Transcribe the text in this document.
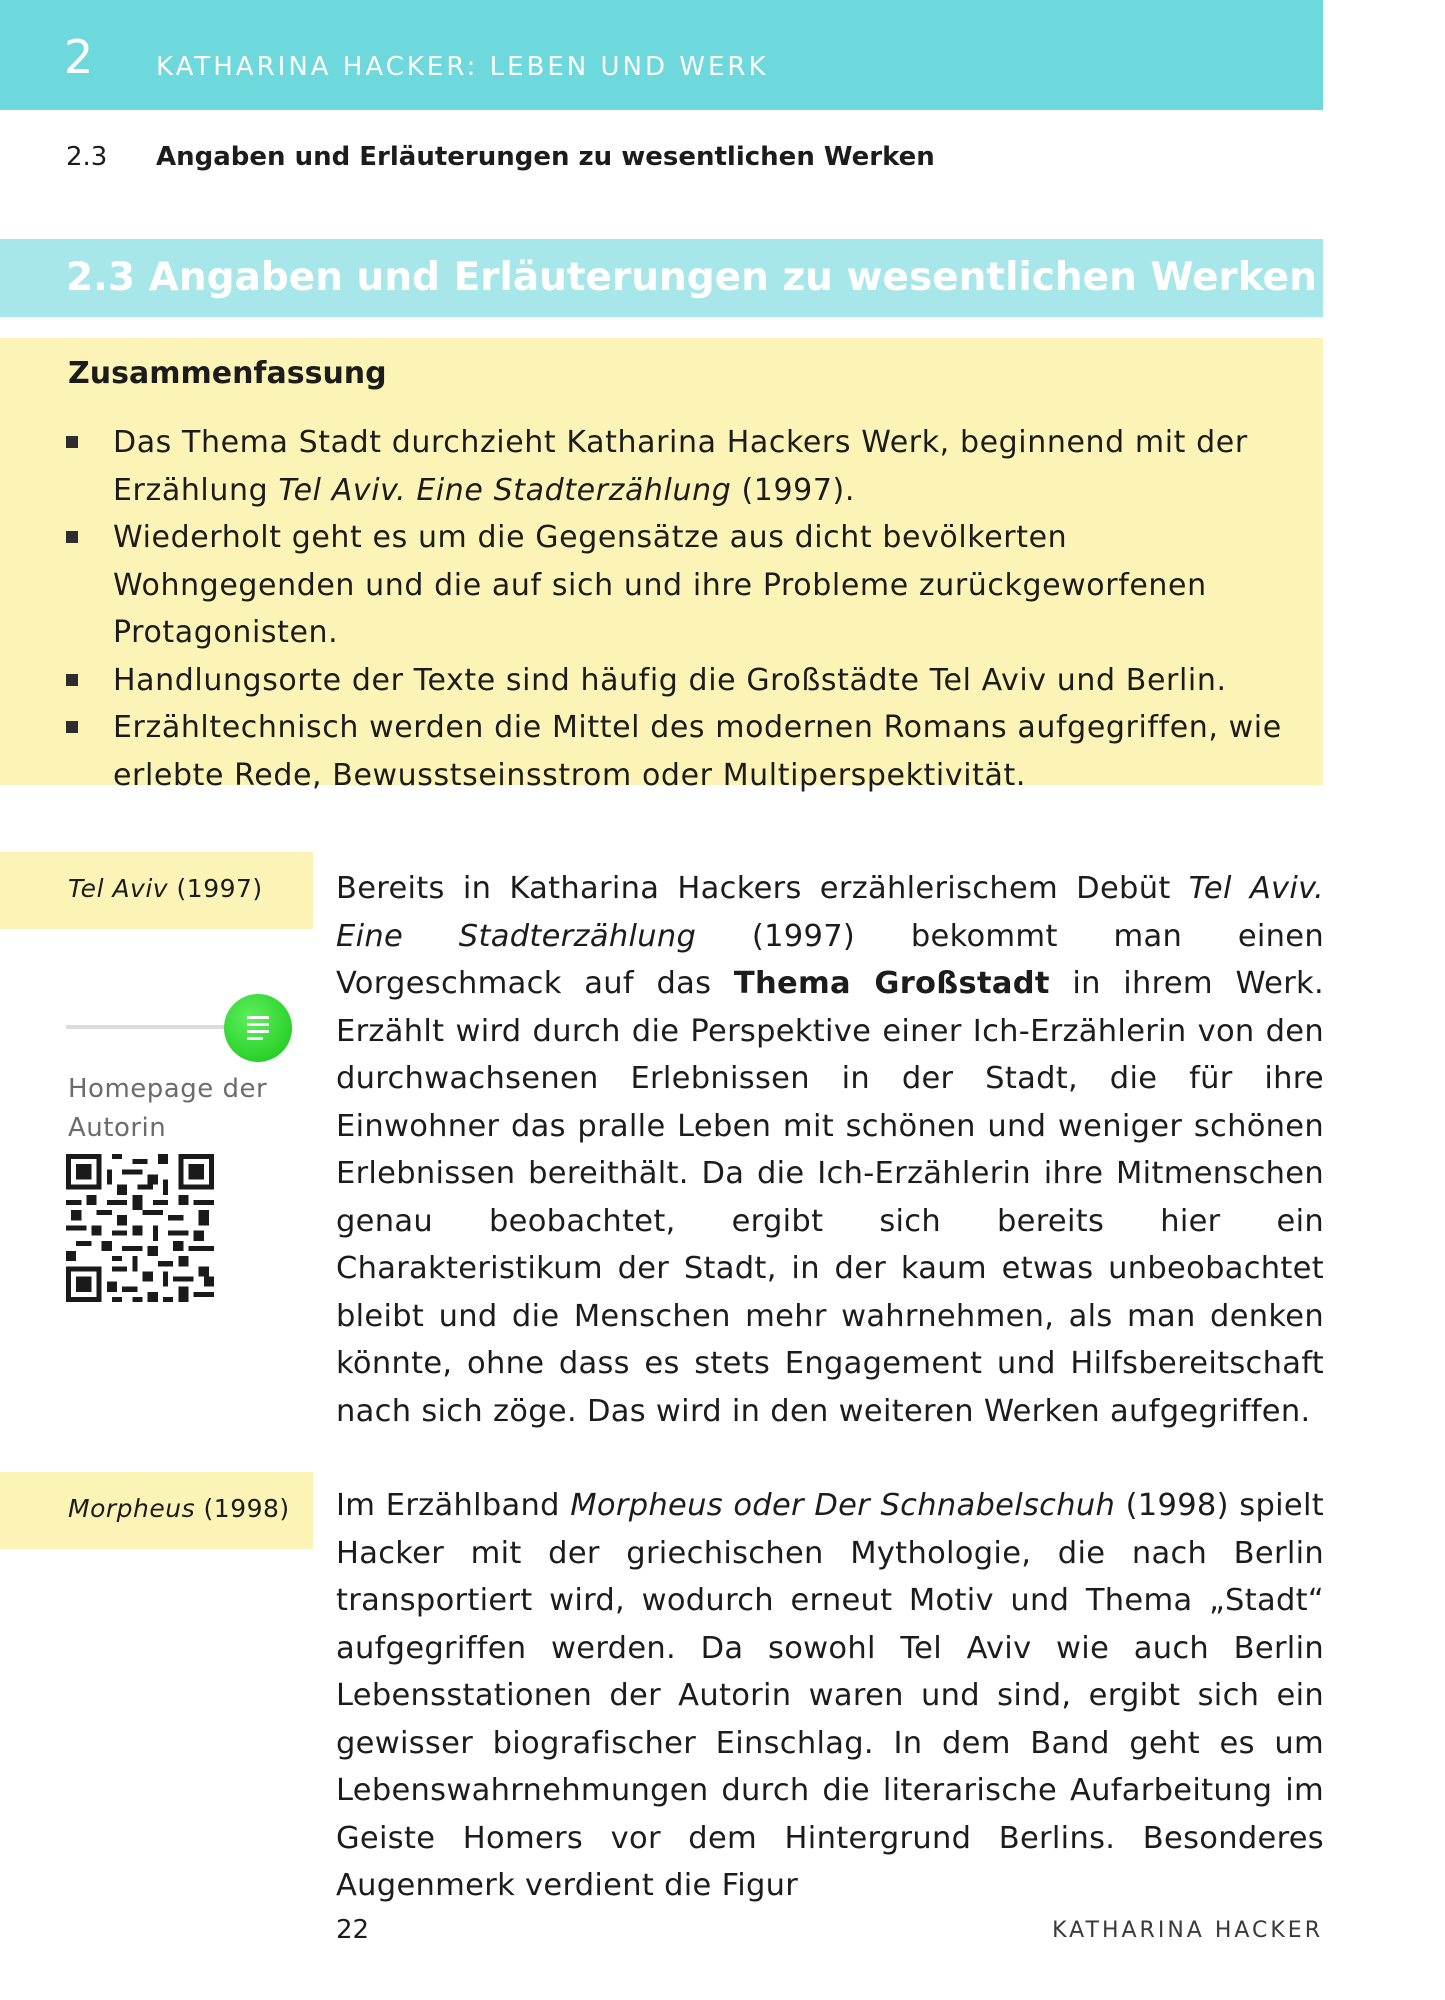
2 KATHARINA HACKER: LEBEN UND WERK
2.3 Angaben und Erläuterungen zu wesentlichen Werken
2.3 Angaben und Erläuterungen zu wesentlichen Werken
Zusammenfassung
Das Thema Stadt durchzieht Katharina Hackers Werk, beginnend mit der Erzählung Tel Aviv. Eine Stadterzählung (1997).
Wiederholt geht es um die Gegensätze aus dicht bevölkerten Wohngegenden und die auf sich und ihre Probleme zurückgeworfenen Protagonisten.
Handlungsorte der Texte sind häufig die Großstädte Tel Aviv und Berlin.
Erzähltechnisch werden die Mittel des modernen Romans aufgegriffen, wie erlebte Rede, Bewusstseinsstrom oder Multiperspektivität.
Tel Aviv (1997)
Homepage der Autorin

Bereits in Katharina Hackers erzählerischem Debüt Tel Aviv. Eine Stadterzählung (1997) bekommt man einen Vorgeschmack auf das Thema Großstadt in ihrem Werk. Erzählt wird durch die Perspektive einer Ich-Erzählerin von den durchwachsenen Erlebnissen in der Stadt, die für ihre Einwohner das pralle Leben mit schönen und weniger schönen Erlebnissen bereithält. Da die Ich-Erzählerin ihre Mitmenschen genau beobachtet, ergibt sich bereits hier ein Charakteristikum der Stadt, in der kaum etwas unbeobachtet bleibt und die Menschen mehr wahrnehmen, als man denken könnte, ohne dass es stets Engagement und Hilfsbereitschaft nach sich zöge. Das wird in den weiteren Werken aufgegriffen.

Morpheus (1998) Im Erzählband Morpheus oder Der Schnabelschuh (1998) spielt Hacker mit der griechischen Mythologie, die nach Berlin transportiert wird, wodurch erneut Motiv und Thema „Stadt“ aufgegriffen werden. Da sowohl Tel Aviv wie auch Berlin Lebensstationen der Autorin waren und sind, ergibt sich ein gewisser biografischer Einschlag. In dem Band geht es um Lebenswahrnehmungen durch die literarische Aufarbeitung im Geiste Homers vor dem Hintergrund Berlins. Besonderes Augenmerk verdient die Figur

22	KATHARINA HACKER
